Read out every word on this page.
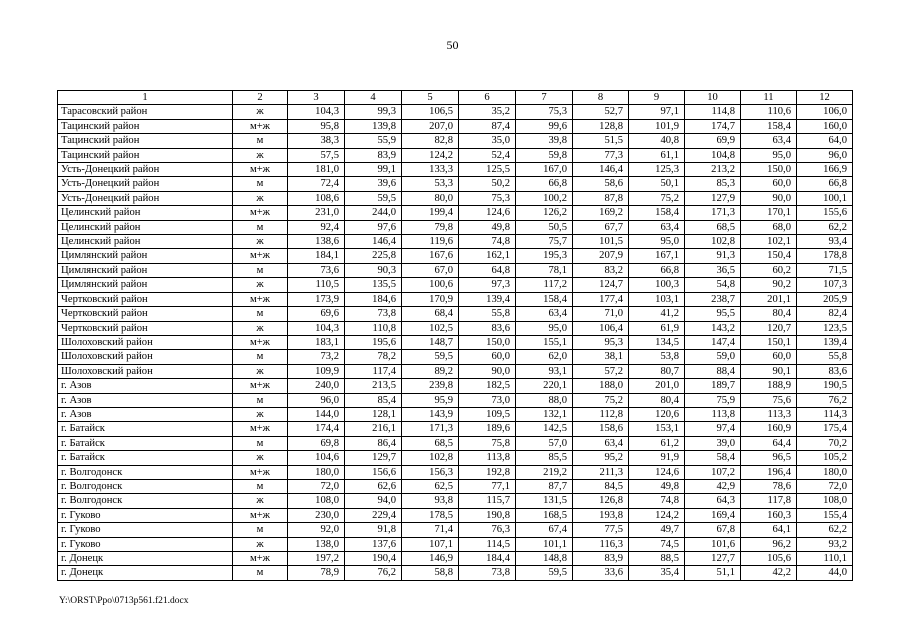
50
1	2	3	4	5	6	7	8	9	10	11	12
Тарасовский район	ж	104,3	99,3	106,5	35,2	75,3	52,7	97,1	114,8	110,6	106,0
Тацинский район	м+ж	95,8	139,8	207,0	87,4	99,6	128,8	101,9	174,7	158,4	160,0
Тацинский район	м	38,3	55,9	82,8	35,0	39,8	51,5	40,8	69,9	63,4	64,0
Тацинский район	ж	57,5	83,9	124,2	52,4	59,8	77,3	61,1	104,8	95,0	96,0
Усть-Донецкий район	м+ж	181,0	99,1	133,3	125,5	167,0	146,4	125,3	213,2	150,0	166,9
Усть-Донецкий район	м	72,4	39,6	53,3	50,2	66,8	58,6	50,1	85,3	60,0	66,8
Усть-Донецкий район	ж	108,6	59,5	80,0	75,3	100,2	87,8	75,2	127,9	90,0	100,1
Целинский район	м+ж	231,0	244,0	199,4	124,6	126,2	169,2	158,4	171,3	170,1	155,6
Целинский район	м	92,4	97,6	79,8	49,8	50,5	67,7	63,4	68,5	68,0	62,2
Целинский район	ж	138,6	146,4	119,6	74,8	75,7	101,5	95,0	102,8	102,1	93,4
Цимлянский район	м+ж	184,1	225,8	167,6	162,1	195,3	207,9	167,1	91,3	150,4	178,8
Цимлянский район	м	73,6	90,3	67,0	64,8	78,1	83,2	66,8	36,5	60,2	71,5
Цимлянский район	ж	110,5	135,5	100,6	97,3	117,2	124,7	100,3	54,8	90,2	107,3
Чертковский район	м+ж	173,9	184,6	170,9	139,4	158,4	177,4	103,1	238,7	201,1	205,9
Чертковский район	м	69,6	73,8	68,4	55,8	63,4	71,0	41,2	95,5	80,4	82,4
Чертковский район	ж	104,3	110,8	102,5	83,6	95,0	106,4	61,9	143,2	120,7	123,5
Шолоховский район	м+ж	183,1	195,6	148,7	150,0	155,1	95,3	134,5	147,4	150,1	139,4
Шолоховский район	м	73,2	78,2	59,5	60,0	62,0	38,1	53,8	59,0	60,0	55,8
Шолоховский район	ж	109,9	117,4	89,2	90,0	93,1	57,2	80,7	88,4	90,1	83,6
г. Азов	м+ж	240,0	213,5	239,8	182,5	220,1	188,0	201,0	189,7	188,9	190,5
г. Азов	м	96,0	85,4	95,9	73,0	88,0	75,2	80,4	75,9	75,6	76,2
г. Азов	ж	144,0	128,1	143,9	109,5	132,1	112,8	120,6	113,8	113,3	114,3
г. Батайск	м+ж	174,4	216,1	171,3	189,6	142,5	158,6	153,1	97,4	160,9	175,4
г. Батайск	м	69,8	86,4	68,5	75,8	57,0	63,4	61,2	39,0	64,4	70,2
г. Батайск	ж	104,6	129,7	102,8	113,8	85,5	95,2	91,9	58,4	96,5	105,2
г. Волгодонск	м+ж	180,0	156,6	156,3	192,8	219,2	211,3	124,6	107,2	196,4	180,0
г. Волгодонск	м	72,0	62,6	62,5	77,1	87,7	84,5	49,8	42,9	78,6	72,0
г. Волгодонск	ж	108,0	94,0	93,8	115,7	131,5	126,8	74,8	64,3	117,8	108,0
г. Гуково	м+ж	230,0	229,4	178,5	190,8	168,5	193,8	124,2	169,4	160,3	155,4
г. Гуково	м	92,0	91,8	71,4	76,3	67,4	77,5	49,7	67,8	64,1	62,2
г. Гуково	ж	138,0	137,6	107,1	114,5	101,1	116,3	74,5	101,6	96,2	93,2
г. Донецк	м+ж	197,2	190,4	146,9	184,4	148,8	83,9	88,5	127,7	105,6	110,1
г. Донецк	м	78,9	76,2	58,8	73,8	59,5	33,6	35,4	51,1	42,2	44,0
Y:\ORST\Ppo\0713p561.f21.docx
